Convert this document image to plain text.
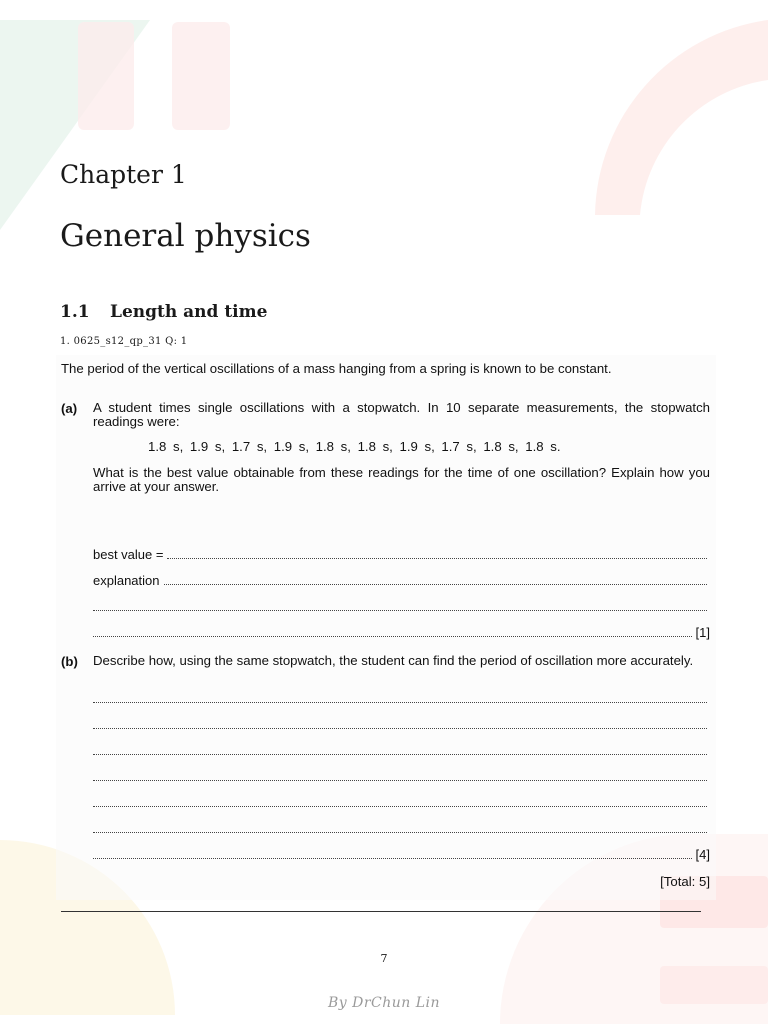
Chapter 1
General physics
1.1 Length and time
1. 0625_s12_qp_31 Q: 1
The period of the vertical oscillations of a mass hanging from a spring is known to be constant.
(a) A student times single oscillations with a stopwatch. In 10 separate measurements, the stopwatch readings were:
1.8 s, 1.9 s, 1.7 s, 1.9 s, 1.8 s, 1.8 s, 1.9 s, 1.7 s, 1.8 s, 1.8 s.
What is the best value obtainable from these readings for the time of one oscillation? Explain how you arrive at your answer.
best value =
explanation
[1]
(b) Describe how, using the same stopwatch, the student can find the period of oscillation more accurately.
[4]
[Total: 5]
7
By DrChun Lin
